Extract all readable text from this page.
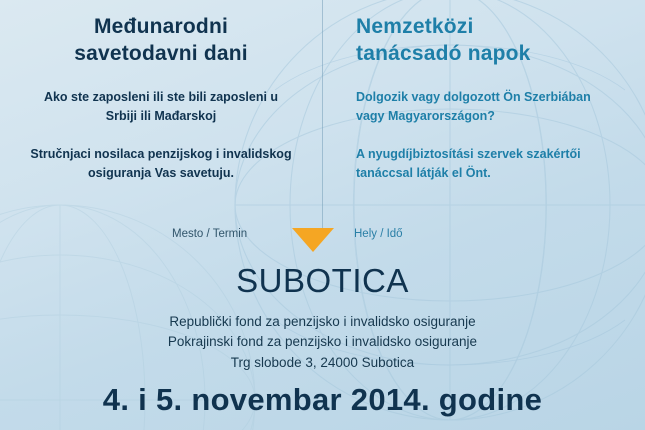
Međunarodni
savetodavni dani

Ako ste zaposleni ili ste bili zaposleni u Srbiji ili Mađarskoj

Stručnjaci nosilaca penzijskog i invalidskog osiguranja Vas savetuju.

Nemzetközi
tanácsadó napok

Dolgozik vagy dolgozott Ön Szerbiában vagy Magyarországon?

A nyugdíjbiztosítási szervek szakértői tanáccsal látják el Önt.

Mesto / Termin	Hely / Idő
SUBOTICA
Republički fond za penzijsko i invalidsko osiguranje
Pokrajinski fond za penzijsko i invalidsko osiguranje
Trg slobode 3, 24000 Subotica
4. i 5. novembar 2014. godine
